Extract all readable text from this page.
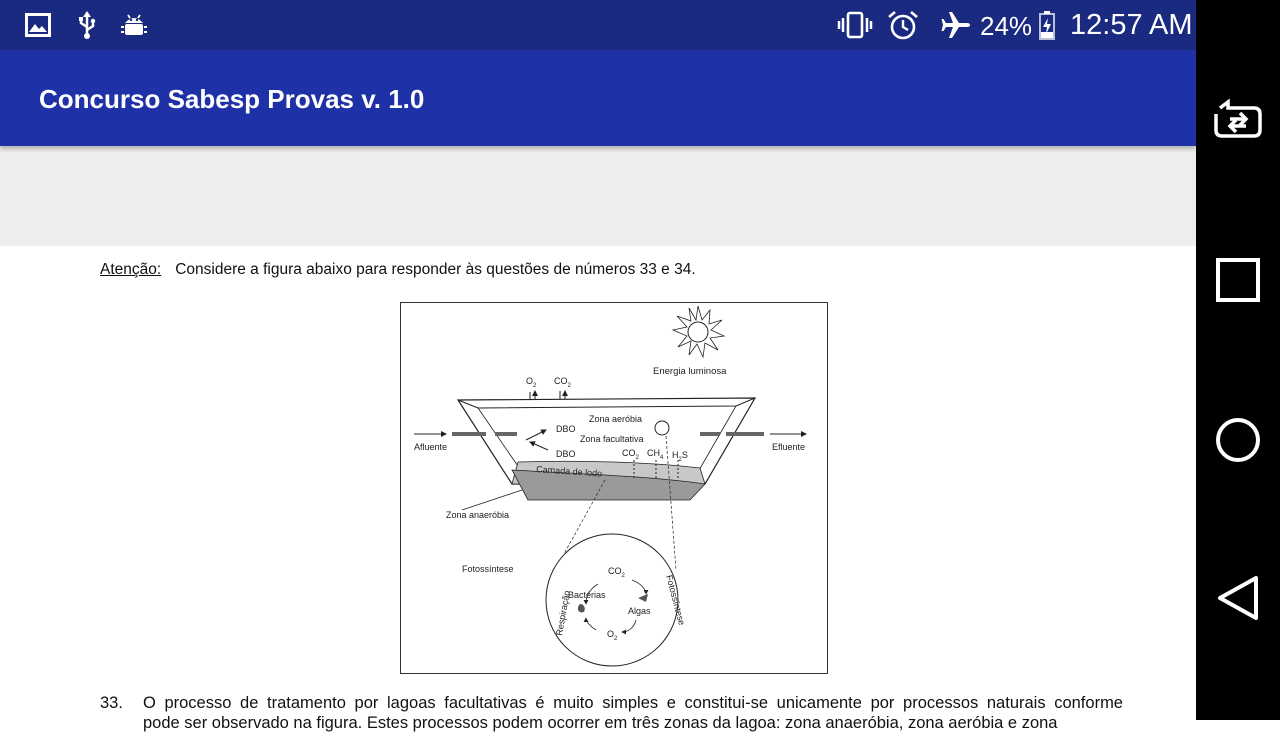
24% 12:57 AM
Concurso Sabesp Provas v. 1.0
Atenção: Considere a figura abaixo para responder às questões de números 33 e 34.
Energia luminosa
$O_2$ $CO_2$
Afluente	Efluente
Zona aeróbia
Zona facultativa
DBO
DBO	$CO_2$ $CH_4$ $H_2S$
Camada de lodo
Zona anaeróbia
Fotossíntese	$CO_2$
Bactérias
Algas
$O_2$
Respiração	Fotossíntese
33. O processo de tratamento por lagoas facultativas é muito simples e constitui-se unicamente por processos naturais conforme
pode ser observado na figura. Estes processos podem ocorrer em três zonas da lagoa: zona anaeróbia, zona aeróbia e zona
